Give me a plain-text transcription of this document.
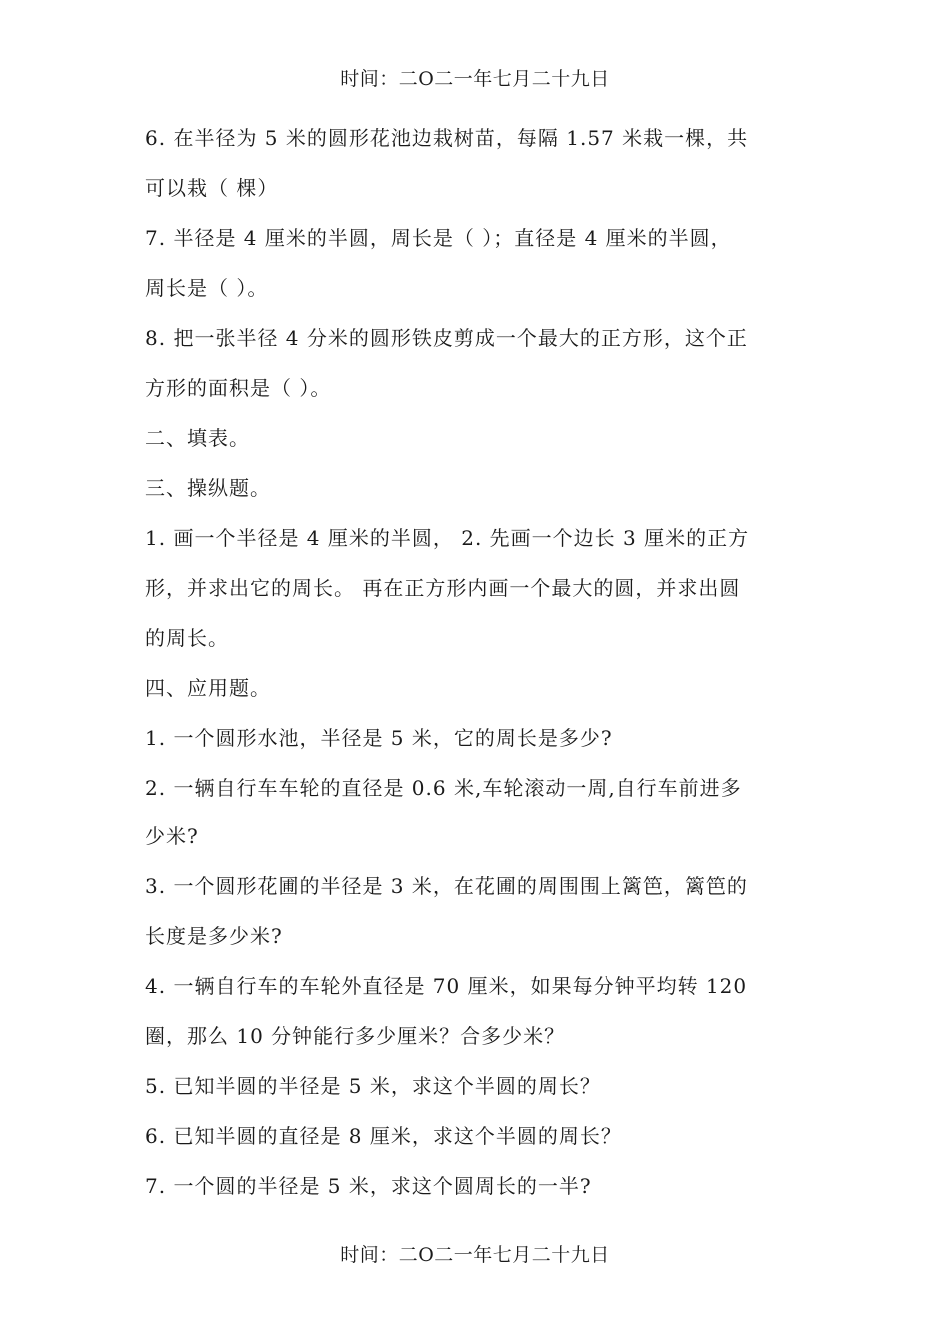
时间：二O二一年七月二十九日
6. 在半径为 5 米的圆形花池边栽树苗，每隔 1.57 米栽一棵，共
可以栽（ 棵）
7. 半径是 4 厘米的半圆，周长是（ ）；直径是 4 厘米的半圆，
周长是（ ）。
8. 把一张半径 4 分米的圆形铁皮剪成一个最大的正方形，这个正
方形的面积是（ ）。
二、填表。
三、操纵题。
1. 画一个半径是 4 厘米的半圆， 2. 先画一个边长 3 厘米的正方
形，并求出它的周长。 再在正方形内画一个最大的圆，并求出圆
的周长。
四、应用题。
1. 一个圆形水池，半径是 5 米，它的周长是多少?
2. 一辆自行车车轮的直径是 0.6 米,车轮滚动一周,自行车前进多
少米?
3. 一个圆形花圃的半径是 3 米，在花圃的周围围上篱笆，篱笆的
长度是多少米?
4. 一辆自行车的车轮外直径是 70 厘米，如果每分钟平均转 120
圈，那么 10 分钟能行多少厘米？合多少米？
5. 已知半圆的半径是 5 米，求这个半圆的周长？
6. 已知半圆的直径是 8 厘米，求这个半圆的周长？
7. 一个圆的半径是 5 米，求这个圆周长的一半?
时间：二O二一年七月二十九日
